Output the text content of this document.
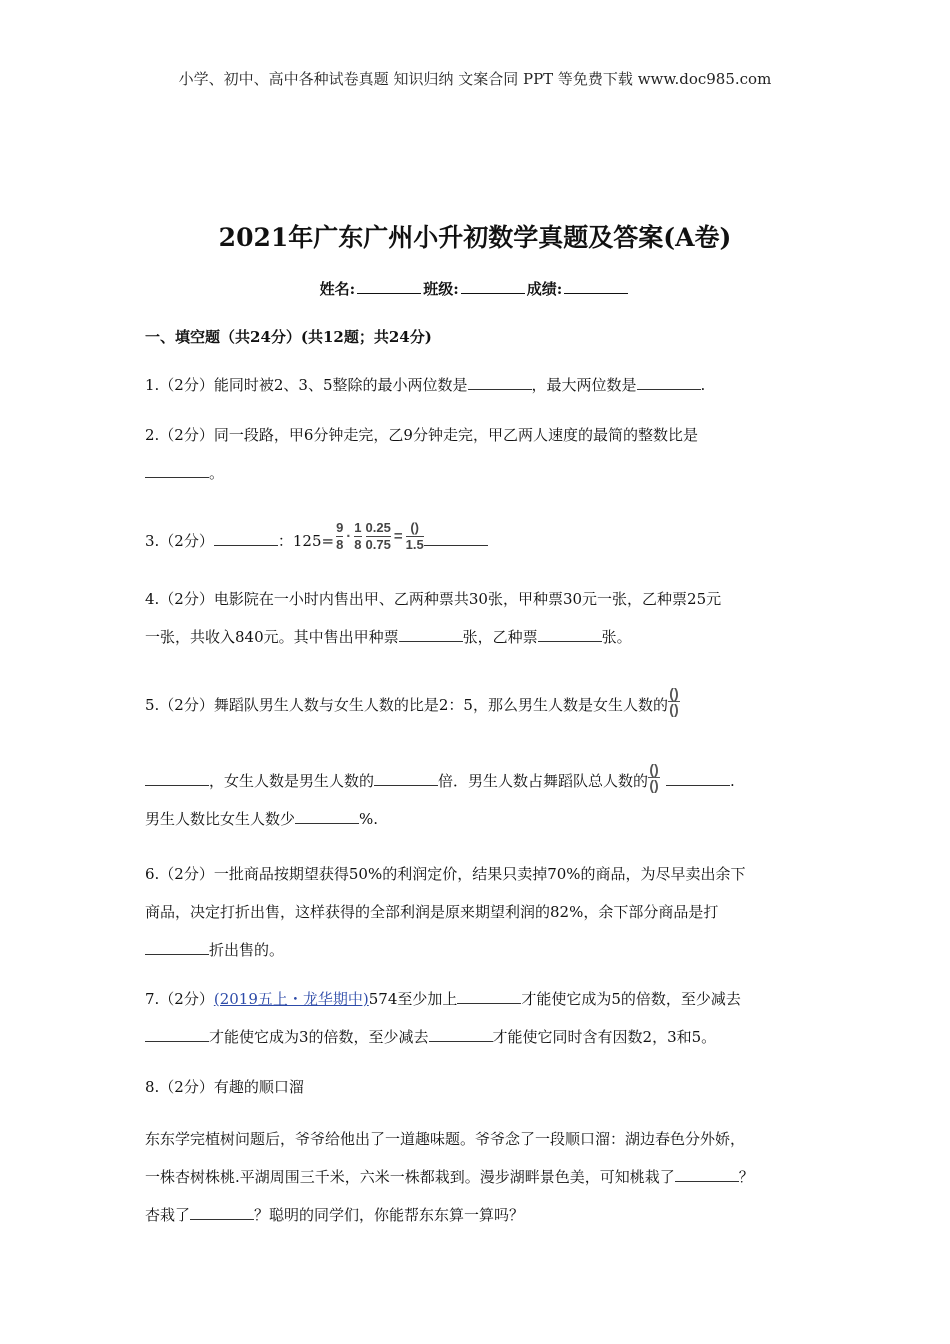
小学、初中、高中各种试卷真题 知识归纳 文案合同 PPT 等免费下载 www.doc985.com
2021年广东广州小升初数学真题及答案(A卷)
姓名:	班级:	成绩:
一、填空题（共24分）(共12题；共24分)
1.（2分）能同时被2、3、5整除的最小两位数是	，最大两位数是	.
2.（2分）同一段路，甲6分钟走完，乙9分钟走完，甲乙两人速度的最简的整数比是
。
3.（2分）	：$125= \frac{9}{8} \cdot \frac{1}{8} \frac{0.25}{0.75} = \frac{()}{1.5}$
4.（2分）电影院在一小时内售出甲、乙两种票共30张，甲种票30元一张，乙种票25元
一张，共收入840元。其中售出甲种票	张，乙种票	张。
5.（2分）舞蹈队男生人数与女生人数的比是2：5，那么男生人数是女生人数的 $\frac{()}{()}$
，女生人数是男生人数的	倍．男生人数占舞蹈队总人数的 $\frac{()}{()}$	.
男生人数比女生人数少	%.
6.（2分）一批商品按期望获得50%的利润定价，结果只卖掉70%的商品，为尽早卖出余下
商品，决定打折出售，这样获得的全部利润是原来期望利润的82%，余下部分商品是打
折出售的。
7.（2分）(2019五上・龙华期中)574至少加上	才能使它成为5的倍数，至少减去
才能使它成为3的倍数，至少减去	才能使它同时含有因数2，3和5。
8.（2分）有趣的顺口溜
东东学完植树问题后，爷爷给他出了一道趣味题。爷爷念了一段顺口溜：湖边春色分外娇，
一株杏树株桃.平湖周围三千米，六米一株都栽到。漫步湖畔景色美，可知桃栽了	？
杏栽了	？聪明的同学们，你能帮东东算一算吗？
